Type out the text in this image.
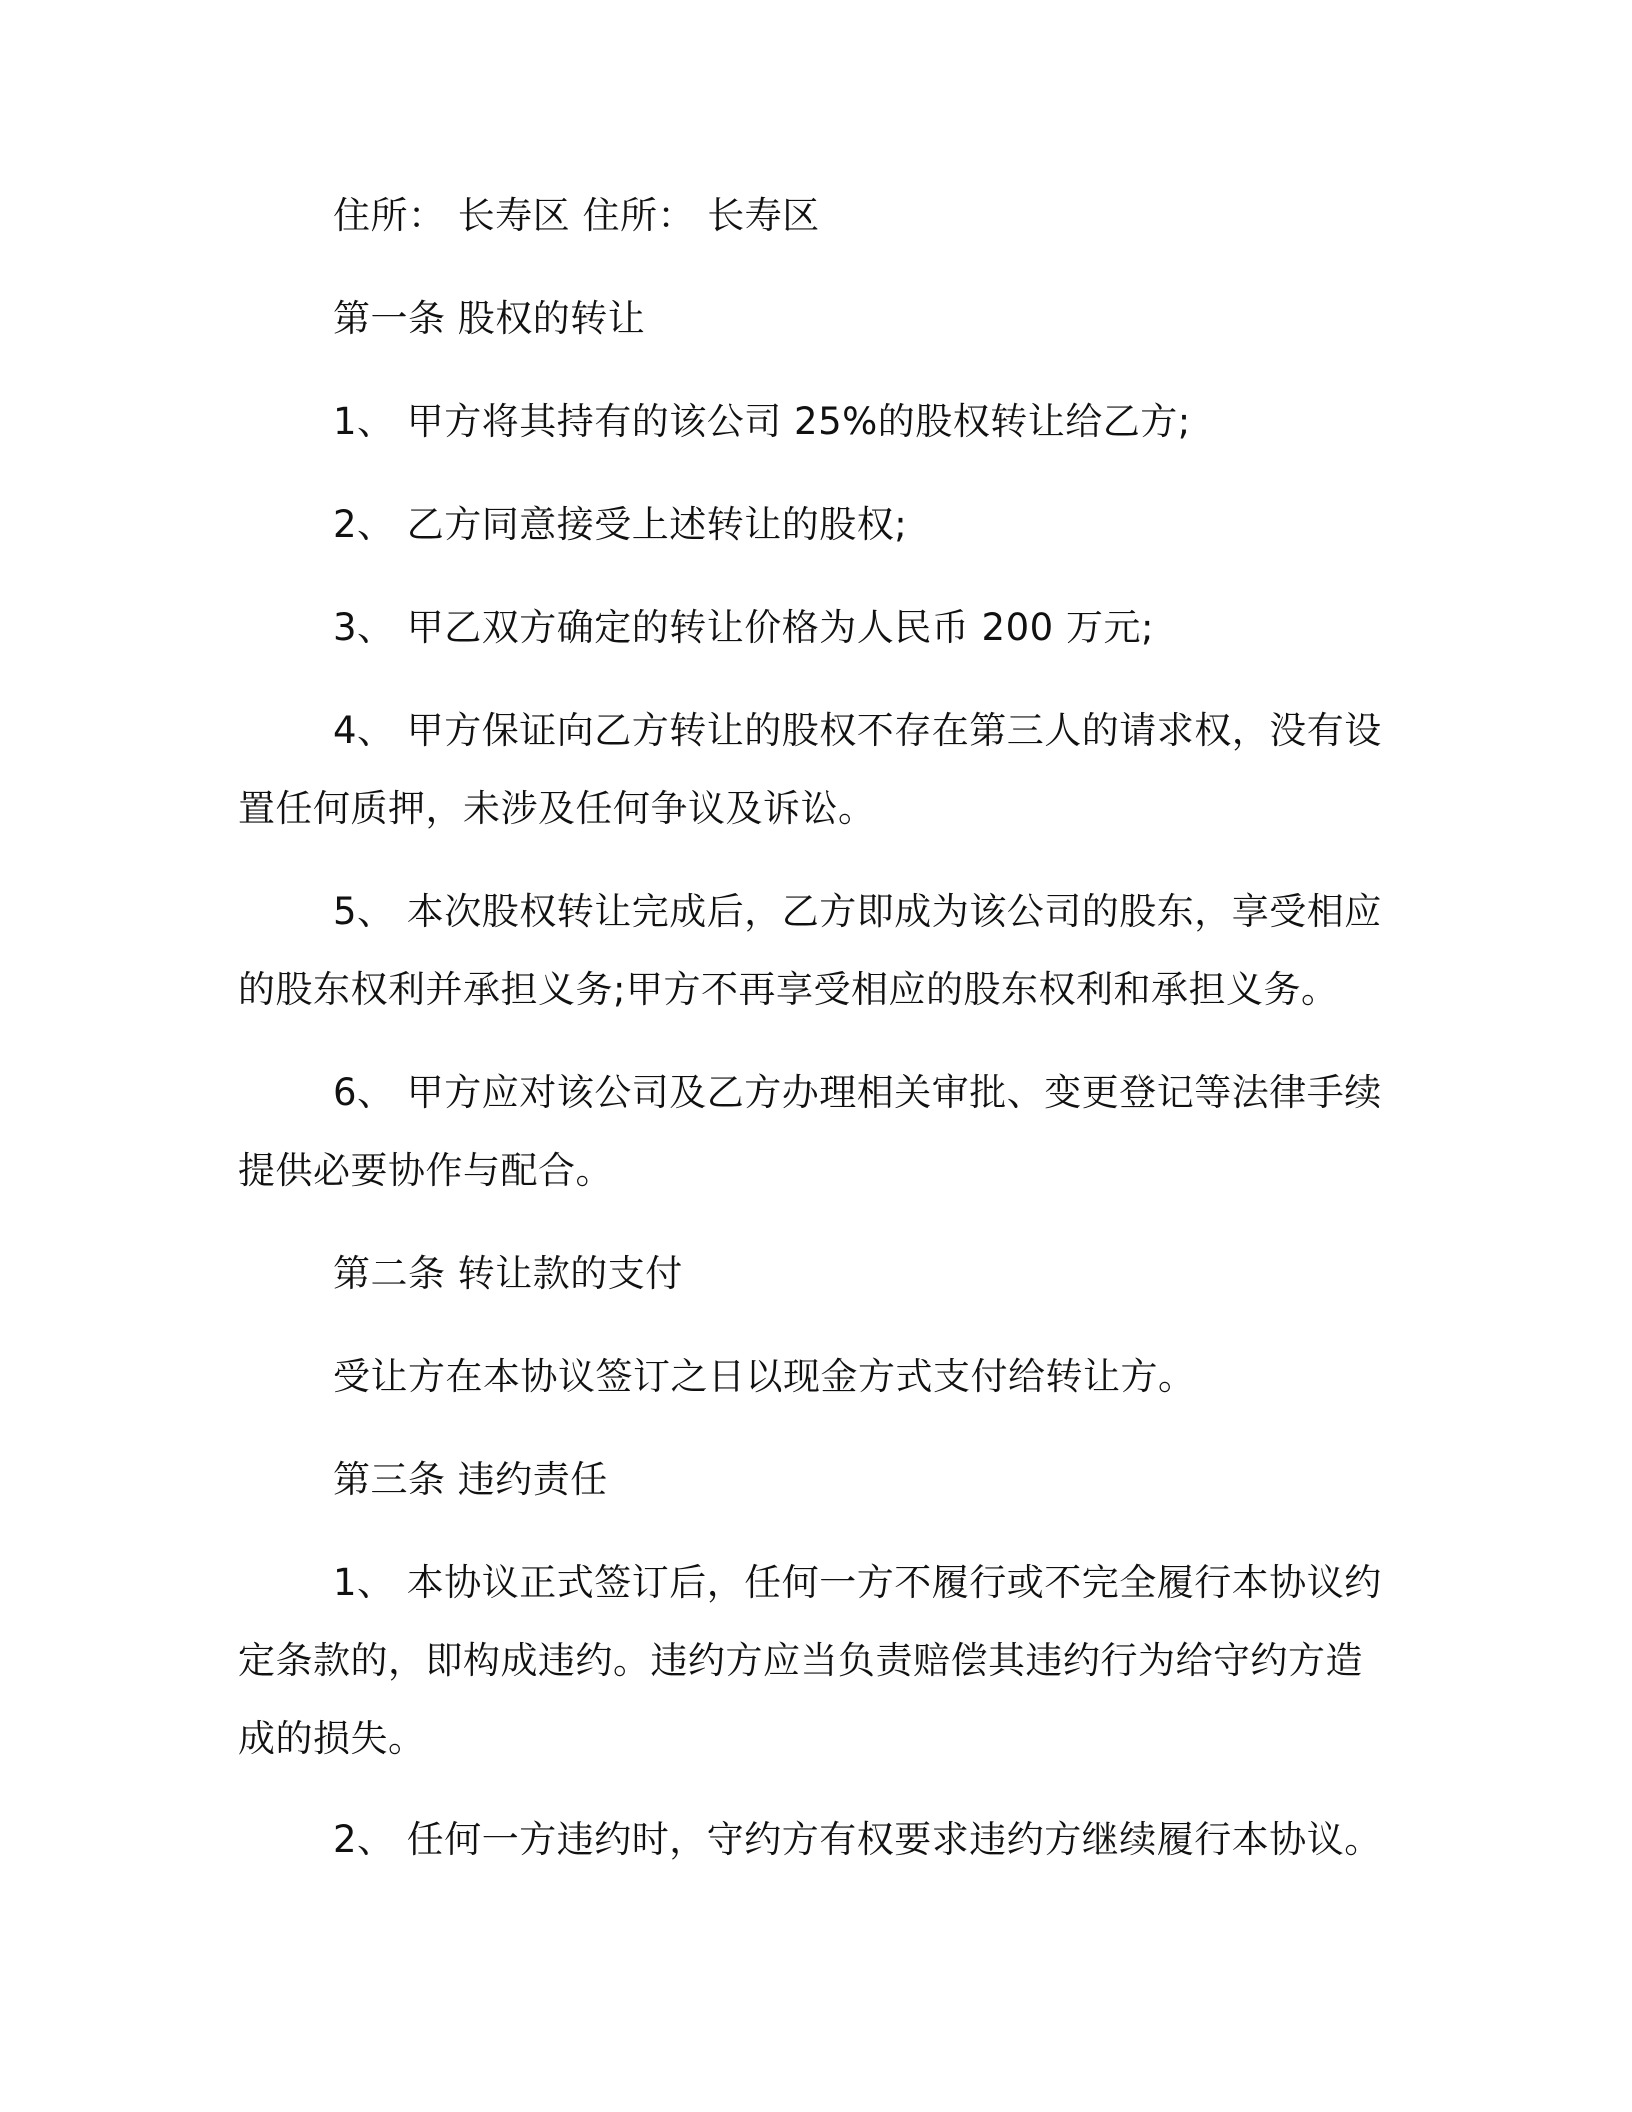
住所： 长寿区 住所： 长寿区

第一条 股权的转让

1、 甲方将其持有的该公司 25%的股权转让给乙方;

2、 乙方同意接受上述转让的股权;

3、 甲乙双方确定的转让价格为人民币 200 万元;

4、 甲方保证向乙方转让的股权不存在第三人的请求权，没有设
置任何质押，未涉及任何争议及诉讼。

5、 本次股权转让完成后，乙方即成为该公司的股东，享受相应
的股东权利并承担义务;甲方不再享受相应的股东权利和承担义务。

6、 甲方应对该公司及乙方办理相关审批、变更登记等法律手续
提供必要协作与配合。

第二条 转让款的支付

受让方在本协议签订之日以现金方式支付给转让方。

第三条 违约责任

1、 本协议正式签订后，任何一方不履行或不完全履行本协议约
定条款的，即构成违约。违约方应当负责赔偿其违约行为给守约方造
成的损失。

2、 任何一方违约时，守约方有权要求违约方继续履行本协议。
